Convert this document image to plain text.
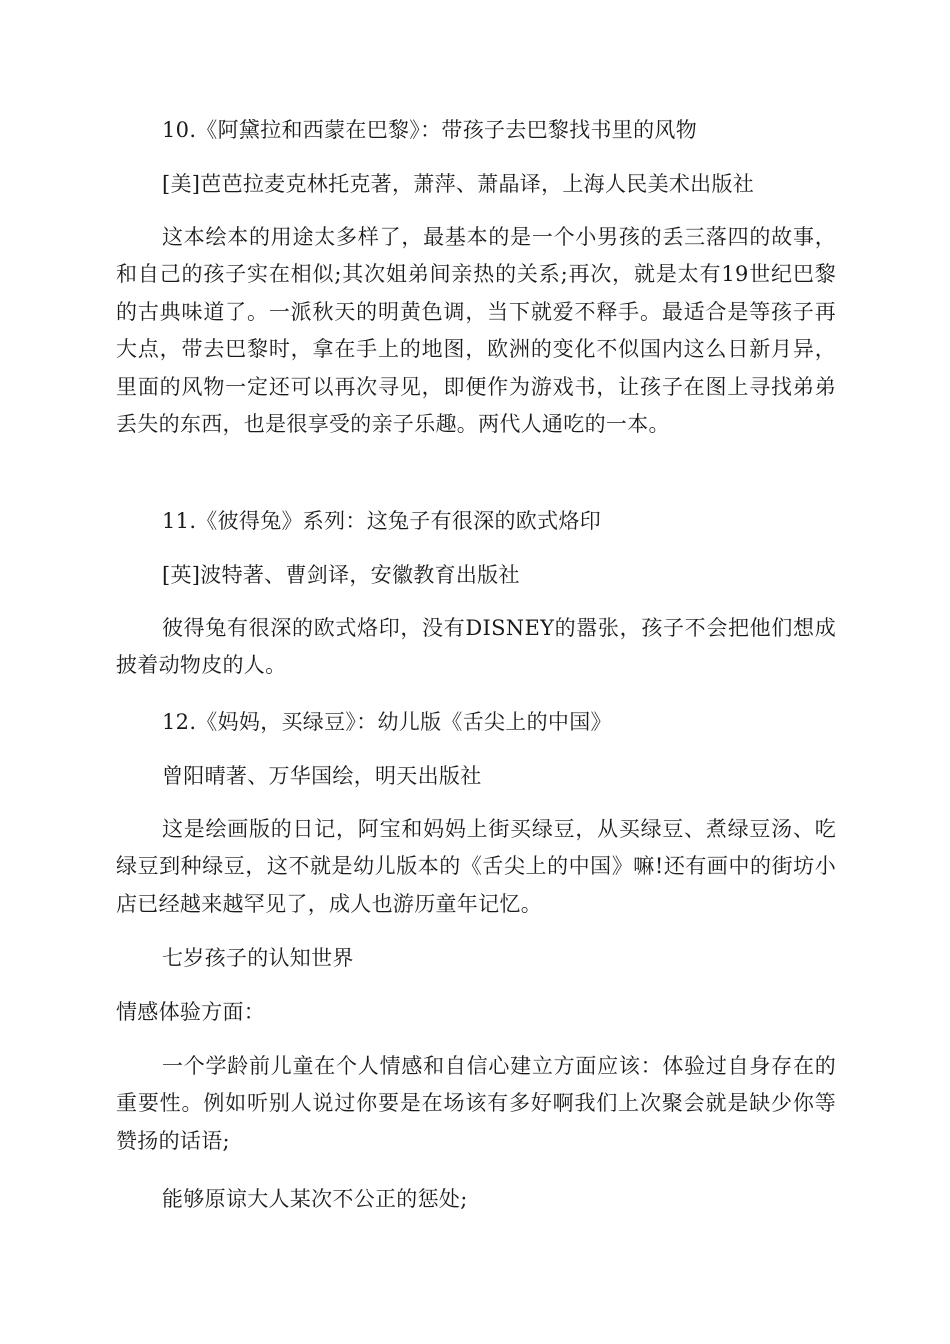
10.《阿黛拉和西蒙在巴黎》：带孩子去巴黎找书里的风物
[美]芭芭拉麦克林托克著，萧萍、萧晶译，上海人民美术出版社
这本绘本的用途太多样了，最基本的是一个小男孩的丢三落四的故事，和自己的孩子实在相似;其次姐弟间亲热的关系;再次，就是太有19世纪巴黎的古典味道了。一派秋天的明黄色调，当下就爱不释手。最适合是等孩子再大点，带去巴黎时，拿在手上的地图，欧洲的变化不似国内这么日新月异，里面的风物一定还可以再次寻见，即便作为游戏书，让孩子在图上寻找弟弟丢失的东西，也是很享受的亲子乐趣。两代人通吃的一本。
11.《彼得兔》系列：这兔子有很深的欧式烙印
[英]波特著、曹剑译，安徽教育出版社
彼得兔有很深的欧式烙印，没有DISNEY的嚣张，孩子不会把他们想成披着动物皮的人。
12.《妈妈，买绿豆》：幼儿版《舌尖上的中国》
曾阳晴著、万华国绘，明天出版社
这是绘画版的日记，阿宝和妈妈上街买绿豆，从买绿豆、煮绿豆汤、吃绿豆到种绿豆，这不就是幼儿版本的《舌尖上的中国》嘛!还有画中的街坊小店已经越来越罕见了，成人也游历童年记忆。
七岁孩子的认知世界
情感体验方面：
一个学龄前儿童在个人情感和自信心建立方面应该：体验过自身存在的重要性。例如听别人说过你要是在场该有多好啊我们上次聚会就是缺少你等赞扬的话语;
能够原谅大人某次不公正的惩处;
